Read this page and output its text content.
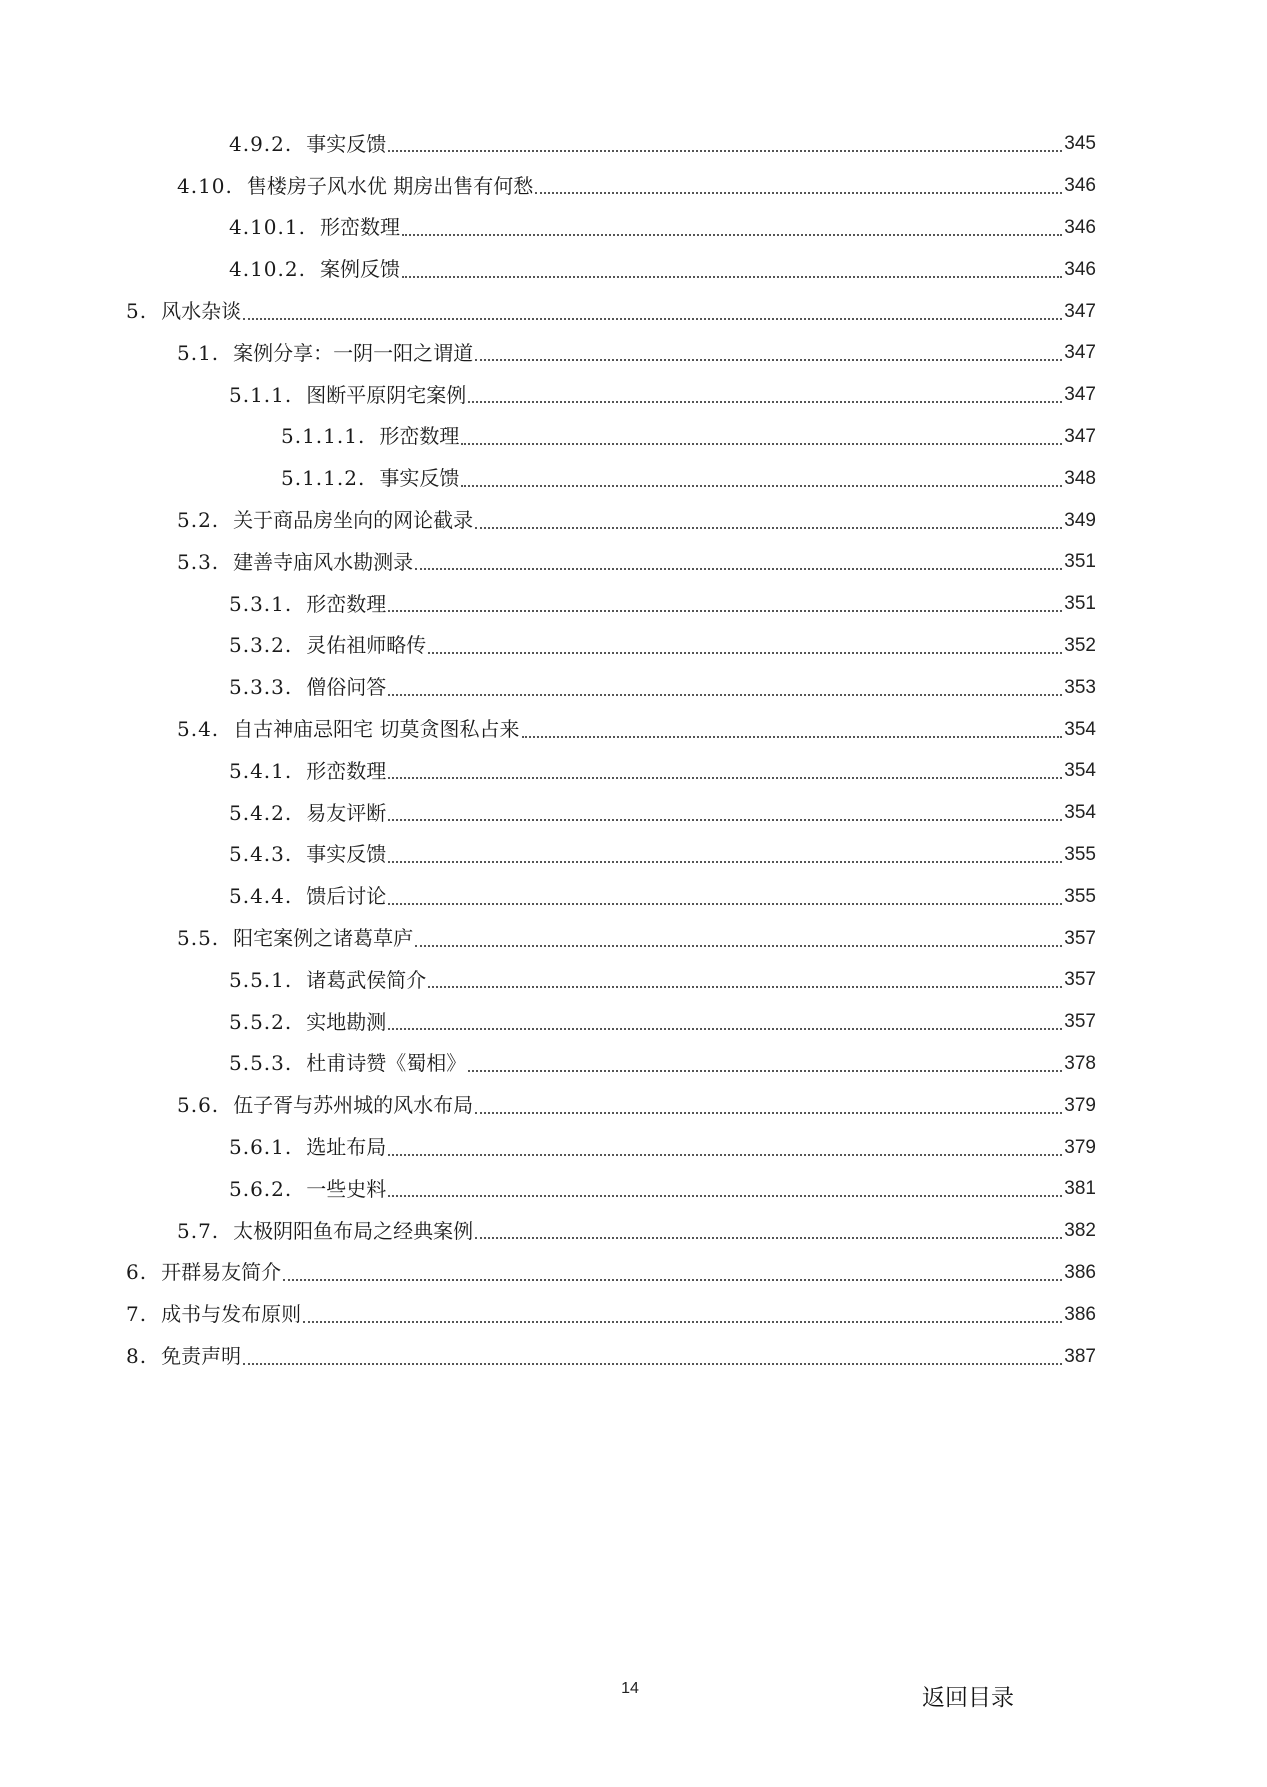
4.9.2. 事实反馈	345
4.10. 售楼房子风水优 期房出售有何愁	346
4.10.1. 形峦数理	346
4.10.2. 案例反馈	346
5. 风水杂谈	347
5.1. 案例分享：一阴一阳之谓道	347
5.1.1. 图断平原阴宅案例	347
5.1.1.1. 形峦数理	347
5.1.1.2. 事实反馈	348
5.2. 关于商品房坐向的网论截录	349
5.3. 建善寺庙风水勘测录	351
5.3.1. 形峦数理	351
5.3.2. 灵佑祖师略传	352
5.3.3. 僧俗问答	353
5.4. 自古神庙忌阳宅 切莫贪图私占来	354
5.4.1. 形峦数理	354
5.4.2. 易友评断	354
5.4.3. 事实反馈	355
5.4.4. 馈后讨论	355
5.5. 阳宅案例之诸葛草庐	357
5.5.1. 诸葛武侯简介	357
5.5.2. 实地勘测	357
5.5.3. 杜甫诗赞《蜀相》	378
5.6. 伍子胥与苏州城的风水布局	379
5.6.1. 选址布局	379
5.6.2. 一些史料	381
5.7. 太极阴阳鱼布局之经典案例	382
6. 开群易友简介	386
7. 成书与发布原则	386
8. 免责声明	387
14	返回目录
